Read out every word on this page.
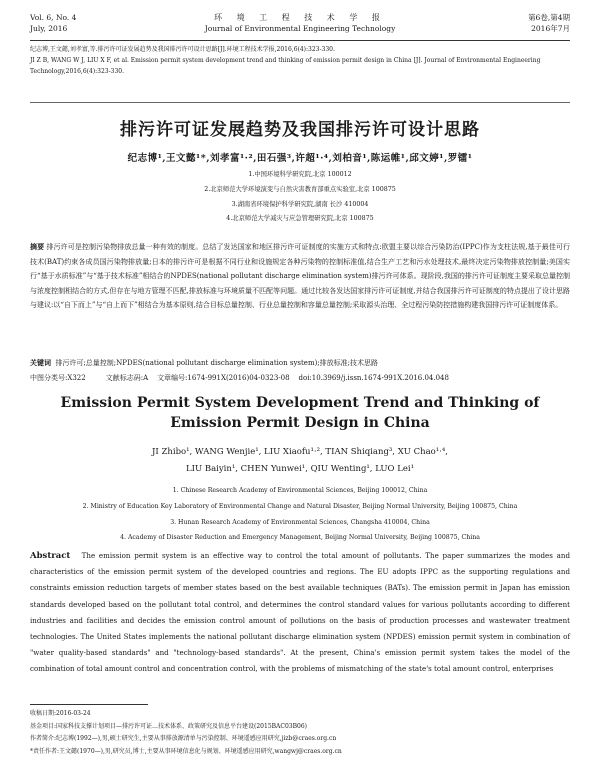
Vol. 6, No. 4
July, 2016
环 境 工 程 技 术 学 报
Journal of Environmental Engineering Technology
第6卷,第4期
2016年7月
纪志博,王文懿,刘孝富,等.排污许可证发展趋势及我国排污许可设计思路[J].环境工程技术学报,2016,6(4):323-330.
JI Z B, WANG W J, LIU X F, et al. Emission permit system development trend and thinking of emission permit design in China [J]. Journal of Environmental Engineering Technology,2016,6(4):323-330.
排污许可证发展趋势及我国排污许可设计思路
纪志博¹,王文懿¹*,刘孝富¹·²,田石强³,许超¹·⁴,刘柏音¹,陈运帷¹,邱文婷¹,罗镭¹
1.中国环境科学研究院,北京 100012
2.北京师范大学环境演变与自然灾害教育部重点实验室,北京 100875
3.湖南省环境保护科学研究院,湖南 长沙 410004
4.北京师范大学减灾与应急管理研究院,北京 100875
摘要 排污许可是控制污染物排放总量一种有效的制度。总结了发达国家和地区排污许可证制度的实施方式和特点:欧盟主要以综合污染防治(IPPC)作为支柱法规,基于最佳可行技术(BAT)约束各成员国污染物排放量;日本的排污许可是根据不同行业和设施规定各种污染物的控制标准值,结合生产工艺和污水处理技术,最终决定污染物排放控制量;美国实行“基于水质标准”与“基于技术标准”相结合的NPDES(national pollutant discharge elimination system)排污许可体系。现阶段,我国的排污许可证制度主要采取总量控制与浓度控制相结合的方式,但存在与地方管理不匹配,排放标准与环境质量不匹配等问题。通过比较各发达国家排污许可证制度,并结合我国排污许可证制度的特点提出了设计思路与建议:以“自下而上”与“自上而下”相结合为基本原则,结合目标总量控制、行业总量控制和容量总量控制;采取源头治理、全过程污染防控措施构建我国排污许可证制度体系。
关键词 排污许可;总量控制;NPDES(national pollutant discharge elimination system);排放标准;技术思路
中图分类号:X322	文献标志码:A 文章编号:1674-991X(2016)04-0323-08 doi:10.3969/j.issn.1674-991X.2016.04.048
Emission Permit System Development Trend and Thinking of Emission Permit Design in China
JI Zhibo¹, WANG Wenjie¹, LIU Xiaofu¹·², TIAN Shiqiang³, XU Chao¹·⁴,
LIU Baiyin¹, CHEN Yunwei¹, QIU Wenting¹, LUO Lei¹
1. Chinese Research Academy of Environmental Sciences, Beijing 100012, China
2. Ministry of Education Key Laboratory of Environmental Change and Natural Disaster, Beijing Normal University, Beijing 100875, China
3. Hunan Research Academy of Environmental Sciences, Changsha 410004, China
4. Academy of Disaster Reduction and Emergency Management, Beijing Normal University, Beijing 100875, China
Abstract The emission permit system is an effective way to control the total amount of pollutants. The paper summarizes the modes and characteristics of the emission permit system of the developed countries and regions. The EU adopts IPPC as the supporting regulations and constraints emission reduction targets of member states based on the best available techniques (BATs). The emission permit in Japan has emission standards developed based on the pollutant total control, and determines the control standard values for various pollutants according to different industries and facilities and decides the emission control amount of pollutions on the basis of production processes and wastewater treatment technologies. The United States implements the national pollutant discharge elimination system (NPDES) emission permit system in combination of "water quality-based standards" and "technology-based standards". At the present, China's emission permit system takes the model of the combination of total amount control and concentration control, with the problems of mismatching of the state's total amount control, enterprises
收稿日期:2016-03-24
基金项目:国家科技支撑计划项目—排污许可证…技术体系、政策研究及信息平台建设(2015BAC03B06)
作者简介:纪志博(1992—),男,硕士研究生,主要从事排放源清单与污染控制、环境遥感应用研究,jizb@craes.org.cn
*责任作者:王文懿(1970—),男,研究员,博士,主要从事环境信息化与规划、环境遥感应用研究,wangwj@craes.org.cn
